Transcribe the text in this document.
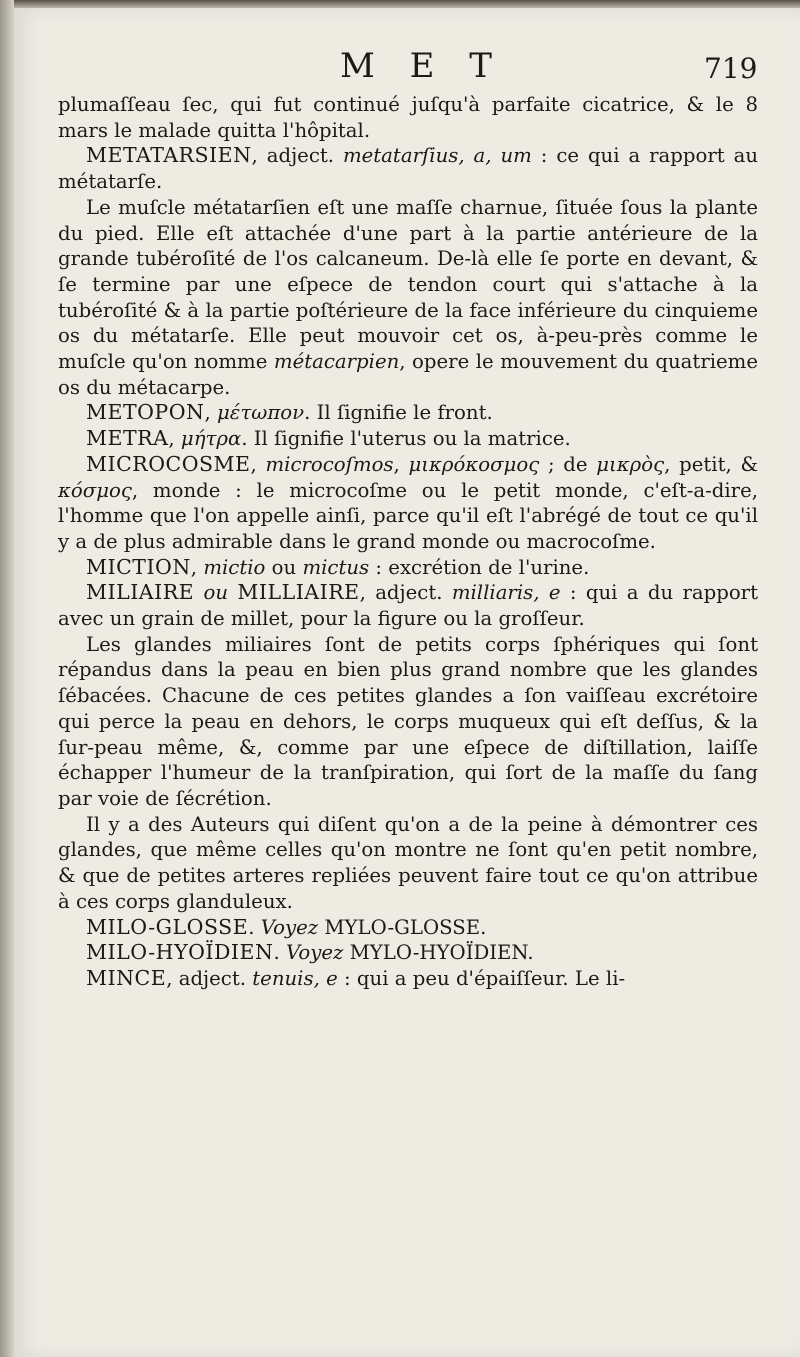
M E T	719

plumaſſeau ſec, qui fut continué juſqu'à parfaite cicatrice, & le 8 mars le malade quitta l'hôpital.

METATARSIEN, adject. metatarſius, a, um : ce qui a rapport au métatarſe.

Le muſcle métatarſien eſt une maſſe charnue, ſituée ſous la plante du pied. Elle eſt attachée d'une part à la partie antérieure de la grande tubéroſité de l'os calcaneum. De-là elle ſe porte en devant, & ſe termine par une eſpece de tendon court qui s'attache à la tubéroſité & à la partie poſtérieure de la face inférieure du cinquieme os du métatarſe. Elle peut mouvoir cet os, à-peu-près comme le muſcle qu'on nomme métacarpien, opere le mouvement du quatrieme os du métacarpe.

METOPON, μέτωπον. Il ſignifie le front.

METRA, μήτρα. Il ſignifie l'uterus ou la matrice.

MICROCOSME, microcoſmos, μικρόκοσμος ; de μικρὸς, petit, & κόσμος, monde : le microcoſme ou le petit monde, c'eſt-a-dire, l'homme que l'on appelle ainſi, parce qu'il eſt l'abrégé de tout ce qu'il y a de plus admirable dans le grand monde ou macrocoſme.

MICTION, mictio ou mictus : excrétion de l'urine.

MILIAIRE ou MILLIAIRE, adject. milliaris, e : qui a du rapport avec un grain de millet, pour la figure ou la groſſeur.

Les glandes miliaires ſont de petits corps ſphériques qui ſont répandus dans la peau en bien plus grand nombre que les glandes ſébacées. Chacune de ces petites glandes a ſon vaiſſeau excrétoire qui perce la peau en dehors, le corps muqueux qui eſt deſſus, & la ſur-peau même, &, comme par une eſpece de diſtillation, laiſſe échapper l'humeur de la tranſpiration, qui ſort de la maſſe du ſang par voie de ſécrétion.

Il y a des Auteurs qui diſent qu'on a de la peine à démontrer ces glandes, que même celles qu'on montre ne ſont qu'en petit nombre, & que de petites arteres repliées peuvent faire tout ce qu'on attribue à ces corps glanduleux.

MILO-GLOSSE. Voyez MYLO-GLOSSE.

MILO-HYOÏDIEN. Voyez MYLO-HYOÏDIEN.

MINCE, adject. tenuis, e : qui a peu d'épaiſſeur. Le li-
